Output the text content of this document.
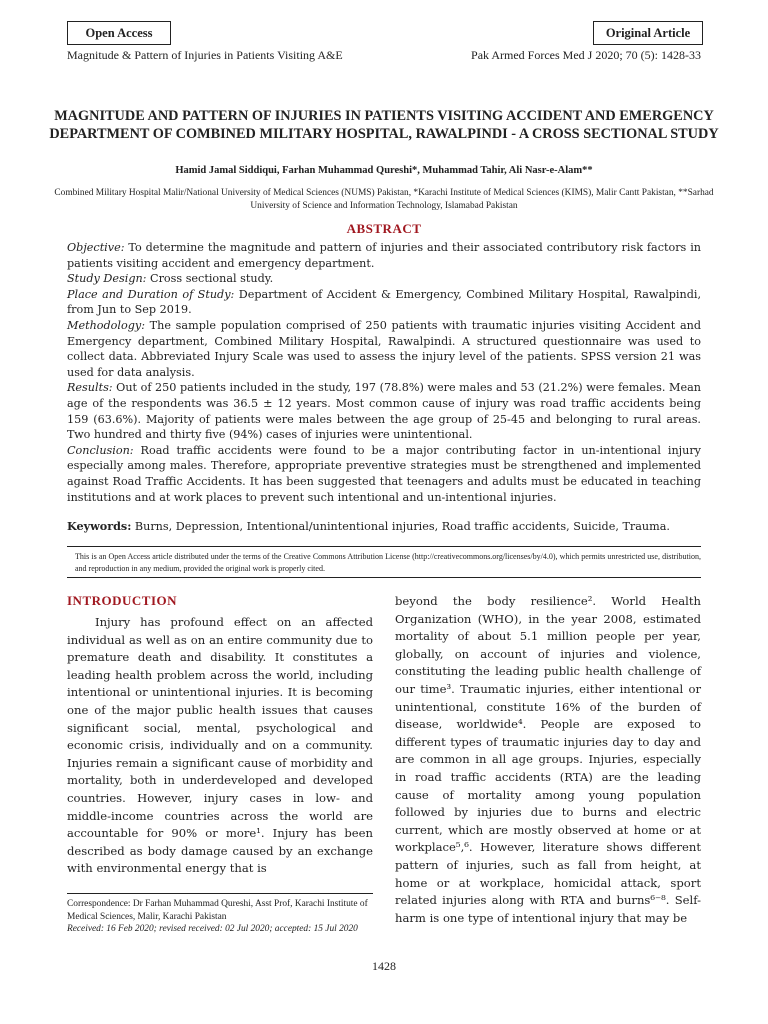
Open Access	Original Article
Magnitude & Pattern of Injuries in Patients Visiting A&E	Pak Armed Forces Med J 2020; 70 (5): 1428-33
MAGNITUDE AND PATTERN OF INJURIES IN PATIENTS VISITING ACCIDENT AND EMERGENCY DEPARTMENT OF COMBINED MILITARY HOSPITAL, RAWALPINDI - A CROSS SECTIONAL STUDY
Hamid Jamal Siddiqui, Farhan Muhammad Qureshi*, Muhammad Tahir, Ali Nasr-e-Alam**
Combined Military Hospital Malir/National University of Medical Sciences (NUMS) Pakistan, *Karachi Institute of Medical Sciences (KIMS), Malir Cantt Pakistan, **Sarhad University of Science and Information Technology, Islamabad Pakistan
ABSTRACT

Objective: To determine the magnitude and pattern of injuries and their associated contributory risk factors in patients visiting accident and emergency department.

Study Design: Cross sectional study.

Place and Duration of Study: Department of Accident & Emergency, Combined Military Hospital, Rawalpindi, from Jun to Sep 2019.

Methodology: The sample population comprised of 250 patients with traumatic injuries visiting Accident and Emergency department, Combined Military Hospital, Rawalpindi. A structured questionnaire was used to collect data. Abbreviated Injury Scale was used to assess the injury level of the patients. SPSS version 21 was used for data analysis.

Results: Out of 250 patients included in the study, 197 (78.8%) were males and 53 (21.2%) were females. Mean age of the respondents was 36.5 ± 12 years. Most common cause of injury was road traffic accidents being 159 (63.6%). Majority of patients were males between the age group of 25-45 and belonging to rural areas. Two hundred and thirty five (94%) cases of injuries were unintentional.

Conclusion: Road traffic accidents were found to be a major contributing factor in un-intentional injury especially among males. Therefore, appropriate preventive strategies must be strengthened and implemented against Road Traffic Accidents. It has been suggested that teenagers and adults must be educated in teaching institutions and at work places to prevent such intentional and un-intentional injuries.

Keywords: Burns, Depression, Intentional/unintentional injuries, Road traffic accidents, Suicide, Trauma.
This is an Open Access article distributed under the terms of the Creative Commons Attribution License (http://creativecommons.org/licenses/by/4.0), which permits unrestricted use, distribution, and reproduction in any medium, provided the original work is properly cited.
INTRODUCTION
Injury has profound effect on an affected individual as well as on an entire community due to premature death and disability. It constitutes a leading health problem across the world, including intentional or unintentional injuries. It is becoming one of the major public health issues that causes significant social, mental, psychological and economic crisis, individually and on a community. Injuries remain a significant cause of morbidity and mortality, both in underdeveloped and developed countries. However, injury cases in low- and middle-income countries across the world are accountable for 90% or more¹. Injury has been described as body damage caused by an exchange with environmental energy that is
beyond the body resilience². World Health Organization (WHO), in the year 2008, estimated mortality of about 5.1 million people per year, globally, on account of injuries and violence, constituting the leading public health challenge of our time³. Traumatic injuries, either intentional or unintentional, constitute 16% of the burden of disease, worldwide⁴. People are exposed to different types of traumatic injuries day to day and are common in all age groups. Injuries, especially in road traffic accidents (RTA) are the leading cause of mortality among young population followed by injuries due to burns and electric current, which are mostly observed at home or at workplace⁵‚⁶. However, literature shows different pattern of injuries, such as fall from height, at home or at workplace, homicidal attack, sport related injuries along with RTA and burns⁶⁻⁸. Self-harm is one type of intentional injury that may be
Correspondence: Dr Farhan Muhammad Qureshi, Asst Prof, Karachi Institute of Medical Sciences, Malir, Karachi Pakistan
Received: 16 Feb 2020; revised received: 02 Jul 2020; accepted: 15 Jul 2020
1428
